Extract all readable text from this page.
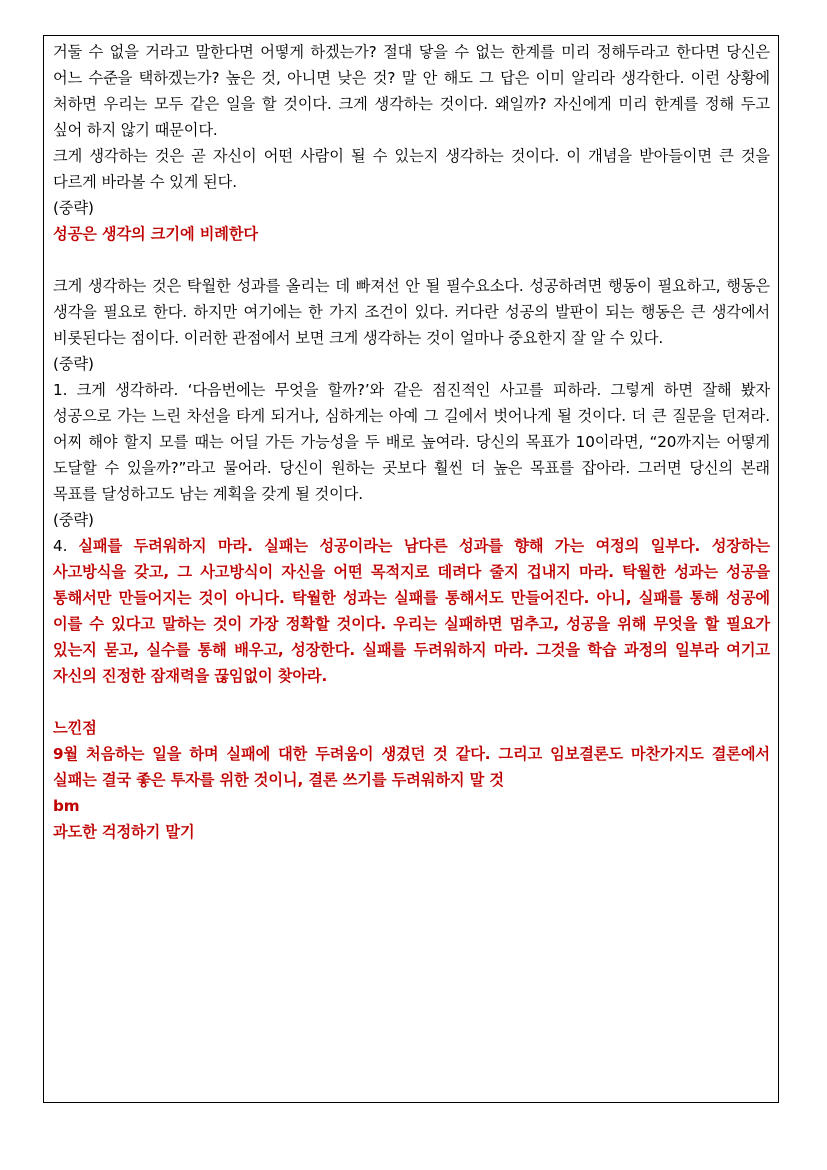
거둘 수 없을 거라고 말한다면 어떻게 하겠는가? 절대 닿을 수 없는 한계를 미리 정해두라고 한다면 당신은 어느 수준을 택하겠는가? 높은 것, 아니면 낮은 것? 말 안 해도 그 답은 이미 알리라 생각한다. 이런 상황에 처하면 우리는 모두 같은 일을 할 것이다. 크게 생각하는 것이다. 왜일까? 자신에게 미리 한계를 정해 두고 싶어 하지 않기 때문이다.

크게 생각하는 것은 곧 자신이 어떤 사람이 될 수 있는지 생각하는 것이다. 이 개념을 받아들이면 큰 것을 다르게 바라볼 수 있게 된다.

(중략)

성공은 생각의 크기에 비례한다

크게 생각하는 것은 탁월한 성과를 올리는 데 빠져선 안 될 필수요소다. 성공하려면 행동이 필요하고, 행동은 생각을 필요로 한다. 하지만 여기에는 한 가지 조건이 있다. 커다란 성공의 발판이 되는 행동은 큰 생각에서 비롯된다는 점이다. 이러한 관점에서 보면 크게 생각하는 것이 얼마나 중요한지 잘 알 수 있다.

(중략)

1. 크게 생각하라. ‘다음번에는 무엇을 할까?’와 같은 점진적인 사고를 피하라. 그렇게 하면 잘해 봤자 성공으로 가는 느린 차선을 타게 되거나, 심하게는 아예 그 길에서 벗어나게 될 것이다. 더 큰 질문을 던져라. 어찌 해야 할지 모를 때는 어딜 가든 가능성을 두 배로 높여라. 당신의 목표가 10이라면, “20까지는 어떻게 도달할 수 있을까?”라고 물어라. 당신이 원하는 곳보다 훨씬 더 높은 목표를 잡아라. 그러면 당신의 본래 목표를 달성하고도 남는 계획을 갖게 될 것이다.

(중략)

4. 실패를 두려워하지 마라. 실패는 성공이라는 남다른 성과를 향해 가는 여정의 일부다. 성장하는 사고방식을 갖고, 그 사고방식이 자신을 어떤 목적지로 데려다 줄지 겁내지 마라. 탁월한 성과는 성공을 통해서만 만들어지는 것이 아니다. 탁월한 성과는 실패를 통해서도 만들어진다. 아니, 실패를 통해 성공에 이를 수 있다고 말하는 것이 가장 정확할 것이다. 우리는 실패하면 멈추고, 성공을 위해 무엇을 할 필요가 있는지 묻고, 실수를 통해 배우고, 성장한다. 실패를 두려워하지 마라. 그것을 학습 과정의 일부라 여기고 자신의 진정한 잠재력을 끊임없이 찾아라.

느낀점

9월 처음하는 일을 하며 실패에 대한 두려움이 생겼던 것 같다. 그리고 임보결론도 마찬가지도 결론에서 실패는 결국 좋은 투자를 위한 것이니, 결론 쓰기를 두려워하지 말 것

bm

과도한 걱정하기 말기
